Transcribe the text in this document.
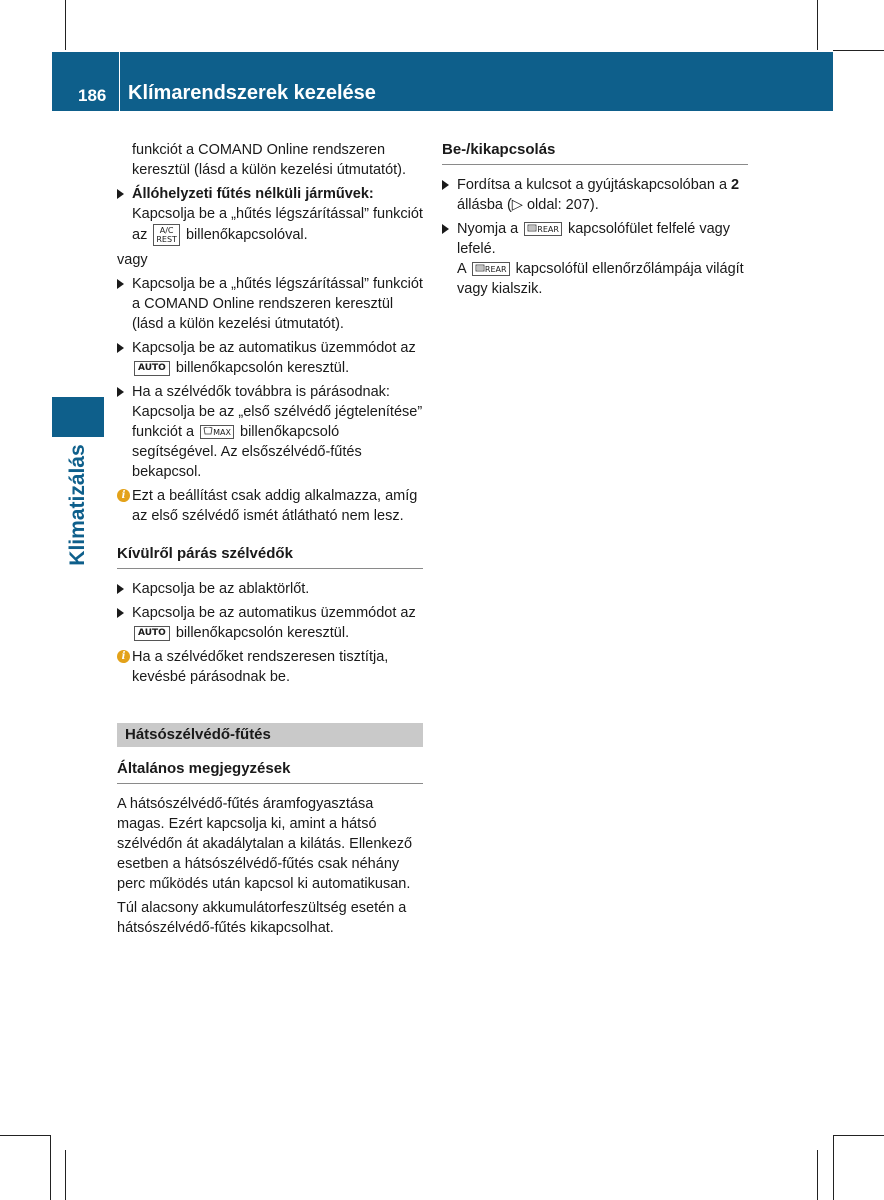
186 Klímarendszerek kezelése
Klimatizálás

funkciót a COMAND Online rendszeren keresztül (lásd a külön kezelési útmutatót).

Állóhelyzeti fűtés nélküli járművek: Kapcsolja be a „hűtés légszárítással” funkciót az A/C
REST billenőkapcsolóval.

vagy

Kapcsolja be a „hűtés légszárítással” funkciót a COMAND Online rendszeren keresztül (lásd a külön kezelési útmutatót).
Kapcsolja be az automatikus üzemmódot az AUTO billenőkapcsolón keresztül.
Ha a szélvédők továbbra is párásodnak: Kapcsolja be az „első szélvédő jégtelenítése” funkciót a MAX billenőkapcsoló segítségével. Az elsőszélvédő-fűtés bekapcsol.
i Ezt a beállítást csak addig alkalmazza, amíg az első szélvédő ismét átlátható nem lesz.
Kívülről párás szélvédők
Kapcsolja be az ablaktörlőt.
Kapcsolja be az automatikus üzemmódot az AUTO billenőkapcsolón keresztül.
i Ha a szélvédőket rendszeresen tisztítja, kevésbé párásodnak be.
Hátsószélvédő-fűtés
Általános megjegyzések

A hátsószélvédő-fűtés áramfogyasztása magas. Ezért kapcsolja ki, amint a hátsó szélvédőn át akadálytalan a kilátás. Ellenkező esetben a hátsószélvédő-fűtés csak néhány perc működés után kapcsol ki automatikusan.

Túl alacsony akkumulátorfeszültség esetén a hátsószélvédő-fűtés kikapcsolhat.

Be-/kikapcsolás
Fordítsa a kulcsot a gyújtáskapcsolóban a 2 állásba (▷ oldal: 207).
Nyomja a REAR kapcsolófület felfelé vagy lefelé.
A REAR kapcsolófül ellenőrzőlámpája világít vagy kialszik.
